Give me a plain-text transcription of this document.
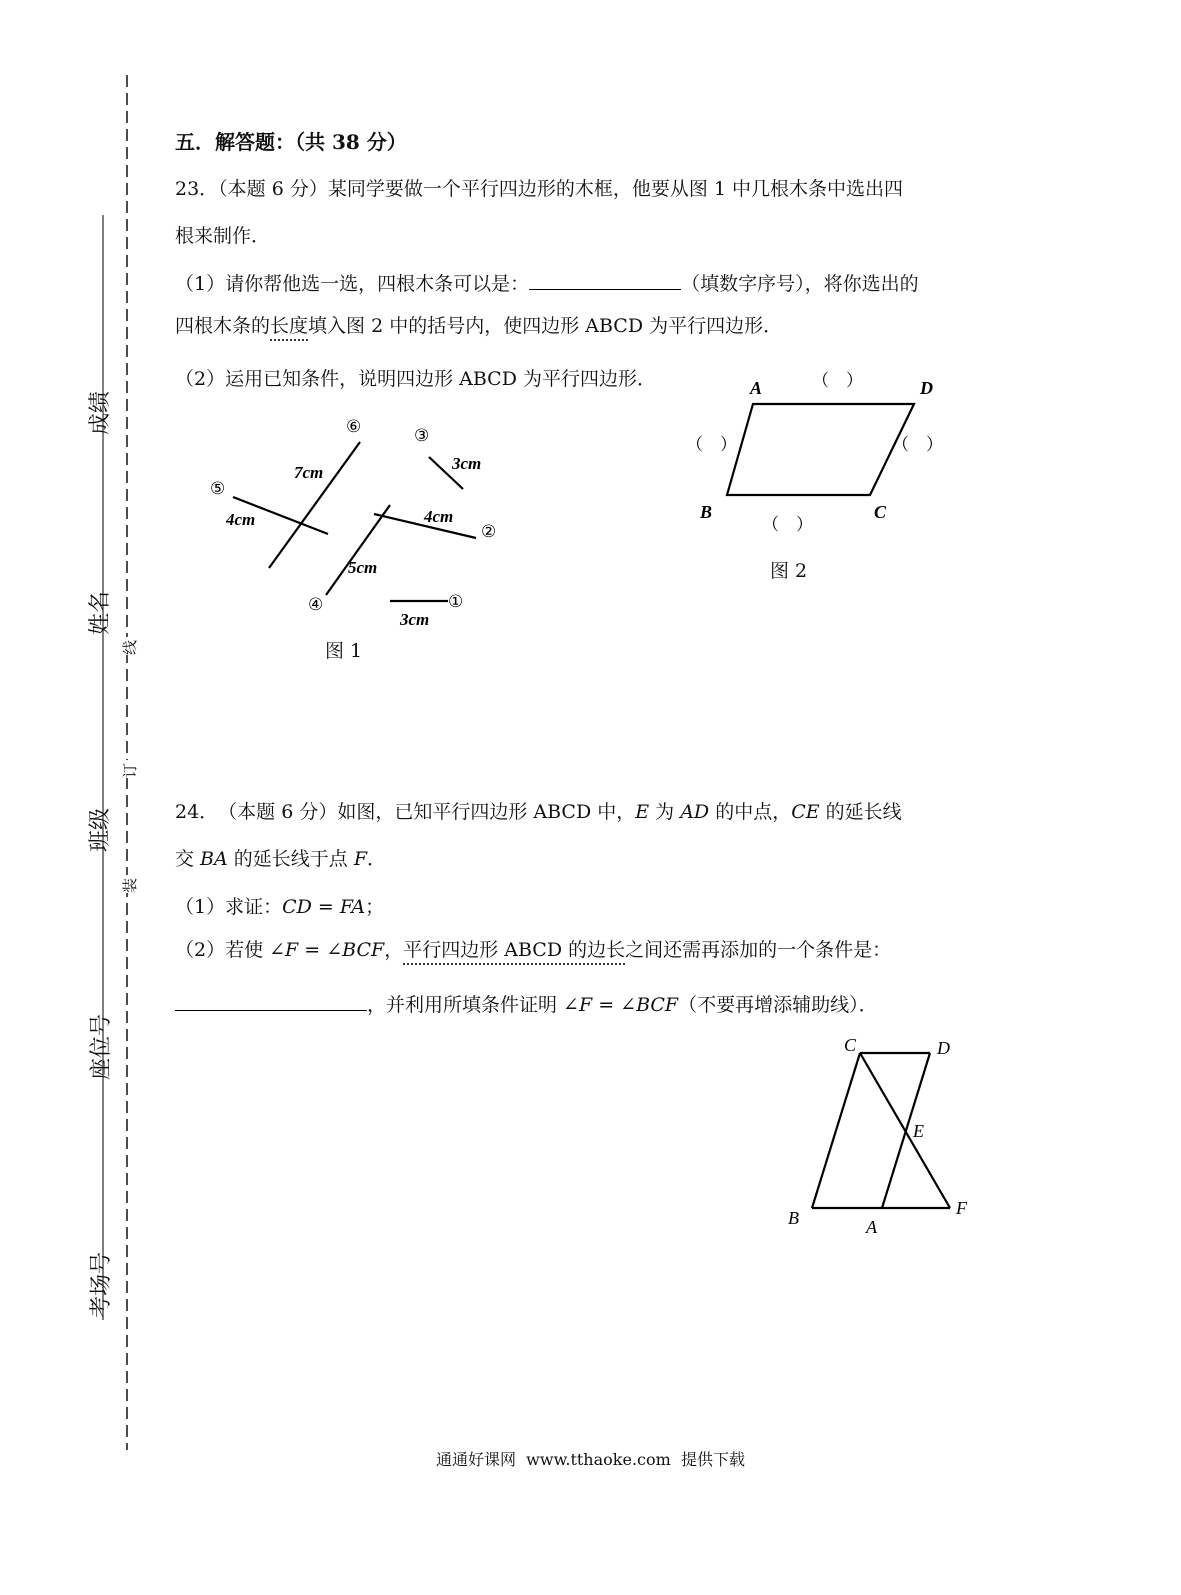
成绩
姓名
班级
座位号
考场号
线
订
装
五．解答题：（共 38 分）
23．（本题 6 分）某同学要做一个平行四边形的木框，他要从图 1 中几根木条中选出四
根来制作．
（1）请你帮他选一选，四根木条可以是：	（填数字序号），将你选出的
四根木条的长度填入图 2 中的括号内，使四边形 ABCD 为平行四边形．
（2）运用已知条件，说明四边形 ABCD 为平行四边形．
⑥	③
⑤
②
④	①
7cm	3cm
4cm	4cm
5cm
3cm
图 1
A	D
B	C
（　）
（　）	（　）
（　）
图 2
24．　（本题 6 分）如图，已知平行四边形 ABCD 中，E 为 AD 的中点，CE 的延长线
交 BA 的延长线于点 F．
（1）求证：CD = FA；
（2）若使 ∠F = ∠BCF，平行四边形 ABCD 的边长之间还需再添加的一个条件是：
，并利用所填条件证明 ∠F = ∠BCF（不要再增添辅助线）．
C	D
E
B	A
F
通通好课网  www.tthaoke.com  提供下载
